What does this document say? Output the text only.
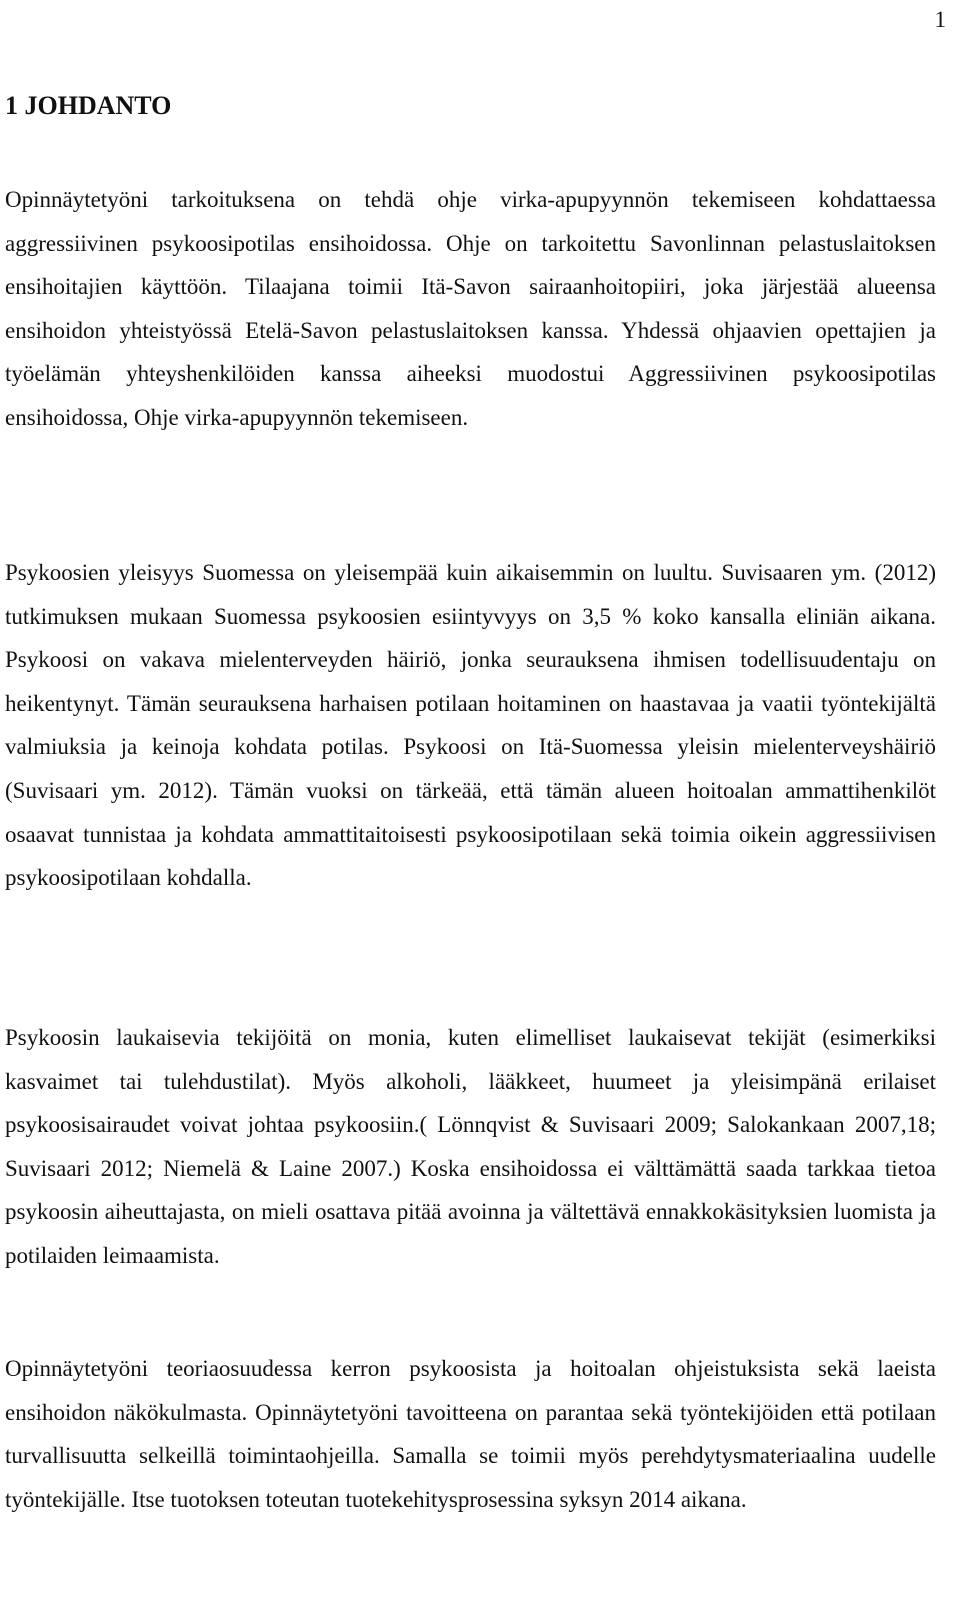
1
1 JOHDANTO

Opinnäytetyöni tarkoituksena on tehdä ohje virka-apupyynnön tekemiseen kohdattaessa aggressiivinen psykoosipotilas ensihoidossa. Ohje on tarkoitettu Savonlinnan pelastuslaitoksen ensihoitajien käyttöön. Tilaajana toimii Itä-Savon sairaanhoitopiiri, joka järjestää alueensa ensihoidon yhteistyössä Etelä-Savon pelastuslaitoksen kanssa. Yhdessä ohjaavien opettajien ja työelämän yhteyshenkilöiden kanssa aiheeksi muodostui Aggressiivinen psykoosipotilas ensihoidossa, Ohje virka-apupyynnön tekemiseen.

Psykoosien yleisyys Suomessa on yleisempää kuin aikaisemmin on luultu. Suvisaaren ym. (2012) tutkimuksen mukaan Suomessa psykoosien esiintyvyys on 3,5 % koko kansalla eliniän aikana. Psykoosi on vakava mielenterveyden häiriö, jonka seurauksena ihmisen todellisuudentaju on heikentynyt. Tämän seurauksena harhaisen potilaan hoitaminen on haastavaa ja vaatii työntekijältä valmiuksia ja keinoja kohdata potilas. Psykoosi on Itä-Suomessa yleisin mielenterveyshäiriö (Suvisaari ym. 2012). Tämän vuoksi on tärkeää, että tämän alueen hoitoalan ammattihenkilöt osaavat tunnistaa ja kohdata ammattitaitoisesti psykoosipotilaan sekä toimia oikein aggressiivisen psykoosipotilaan kohdalla.

Psykoosin laukaisevia tekijöitä on monia, kuten elimelliset laukaisevat tekijät (esimerkiksi kasvaimet tai tulehdustilat). Myös alkoholi, lääkkeet, huumeet ja yleisimpänä erilaiset psykoosisairaudet voivat johtaa psykoosiin.( Lönnqvist & Suvisaari 2009; Salokankaan 2007,18; Suvisaari 2012; Niemelä & Laine 2007.) Koska ensihoidossa ei välttämättä saada tarkkaa tietoa psykoosin aiheuttajasta, on mieli osattava pitää avoinna ja vältettävä ennakkokäsityksien luomista ja potilaiden leimaamista.

Opinnäytetyöni teoriaosuudessa kerron psykoosista ja hoitoalan ohjeistuksista sekä laeista ensihoidon näkökulmasta. Opinnäytetyöni tavoitteena on parantaa sekä työntekijöiden että potilaan turvallisuutta selkeillä toimintaohjeilla. Samalla se toimii myös perehdytysmateriaalina uudelle työntekijälle. Itse tuotoksen toteutan tuotekehitysprosessina syksyn 2014 aikana.
